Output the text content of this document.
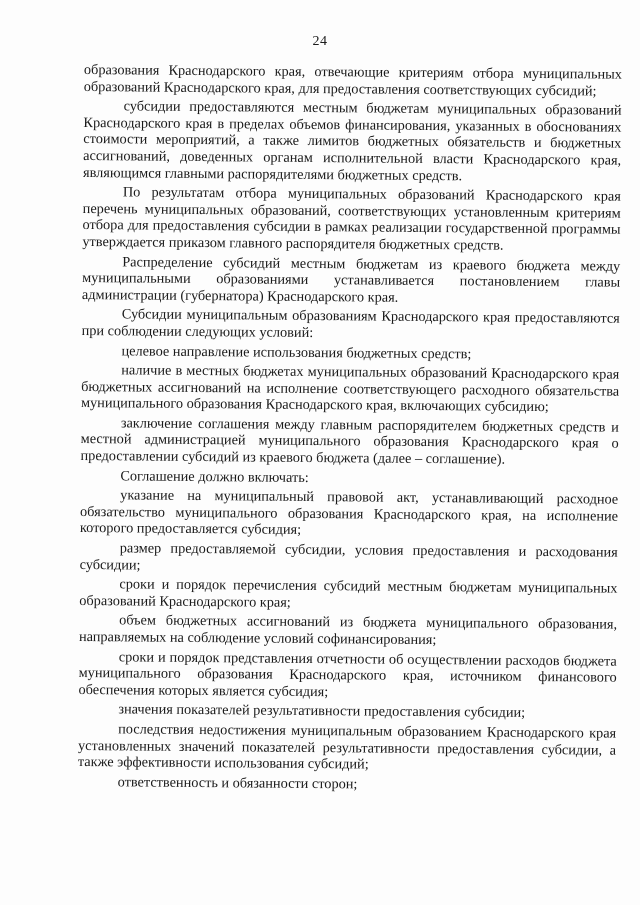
24

образования Краснодарского края, отвечающие критериям отбора муниципальных образований Краснодарского края, для предоставления соответствующих субсидий;

субсидии предоставляются местным бюджетам муниципальных образований Краснодарского края в пределах объемов финансирования, указанных в обоснованиях стоимости мероприятий, а также лимитов бюджетных обязательств и бюджетных ассигнований, доведенных органам исполнительной власти Краснодарского края, являющимся главными распорядителями бюджетных средств.

По результатам отбора муниципальных образований Краснодарского края перечень муниципальных образований, соответствующих установленным критериям отбора для предоставления субсидии в рамках реализации государственной программы утверждается приказом главного распорядителя бюджетных средств.

Распределение субсидий местным бюджетам из краевого бюджета между муниципальными образованиями устанавливается постановлением главы администрации (губернатора) Краснодарского края.

Субсидии муниципальным образованиям Краснодарского края предоставляются при соблюдении следующих условий:

целевое направление использования бюджетных средств;

наличие в местных бюджетах муниципальных образований Краснодарского края бюджетных ассигнований на исполнение соответствующего расходного обязательства муниципального образования Краснодарского края, включающих субсидию;

заключение соглашения между главным распорядителем бюджетных средств и местной администрацией муниципального образования Краснодарского края о предоставлении субсидий из краевого бюджета (далее – соглашение).

Соглашение должно включать:

указание на муниципальный правовой акт, устанавливающий расходное обязательство муниципального образования Краснодарского края, на исполнение которого предоставляется субсидия;

размер предоставляемой субсидии, условия предоставления и расходования субсидии;

сроки и порядок перечисления субсидий местным бюджетам муниципальных образований Краснодарского края;

объем бюджетных ассигнований из бюджета муниципального образования, направляемых на соблюдение условий софинансирования;

сроки и порядок представления отчетности об осуществлении расходов бюджета муниципального образования Краснодарского края, источником финансового обеспечения которых является субсидия;

значения показателей результативности предоставления субсидии;

последствия недостижения муниципальным образованием Краснодарского края установленных значений показателей результативности предоставления субсидии, а также эффективности использования субсидий;

ответственность и обязанности сторон;
